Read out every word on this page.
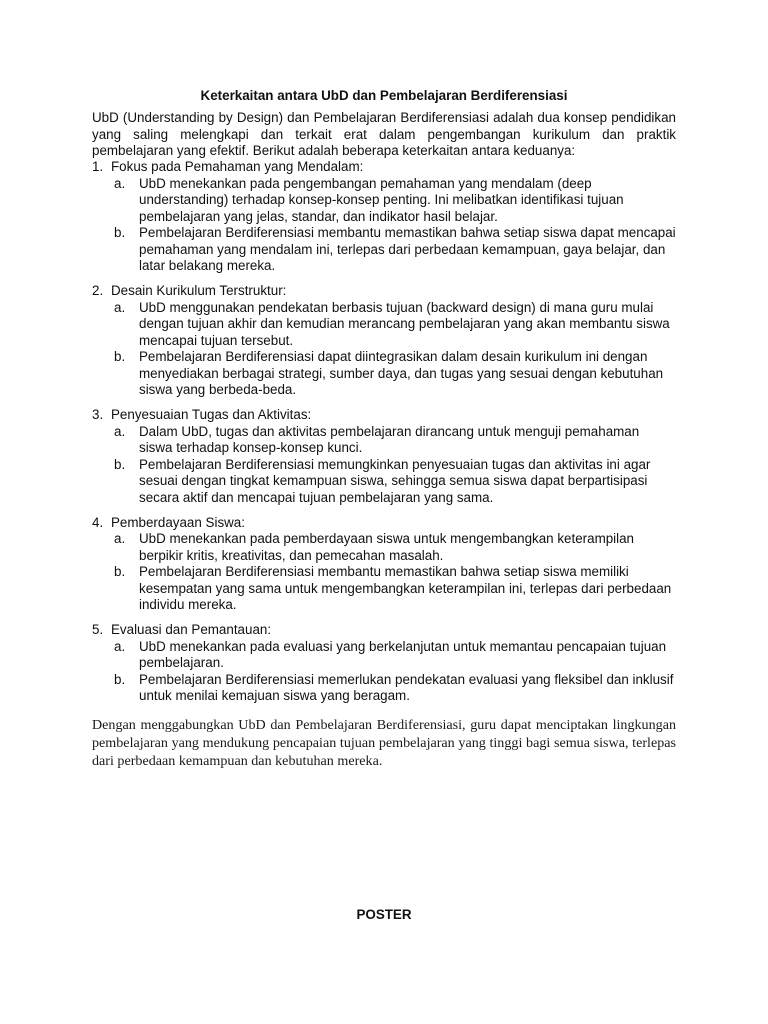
Keterkaitan antara UbD dan Pembelajaran Berdiferensiasi
UbD (Understanding by Design) dan Pembelajaran Berdiferensiasi adalah dua konsep pendidikan yang saling melengkapi dan terkait erat dalam pengembangan kurikulum dan praktik pembelajaran yang efektif. Berikut adalah beberapa keterkaitan antara keduanya:
1. Fokus pada Pemahaman yang Mendalam:
a. UbD menekankan pada pengembangan pemahaman yang mendalam (deep understanding) terhadap konsep-konsep penting. Ini melibatkan identifikasi tujuan pembelajaran yang jelas, standar, dan indikator hasil belajar.
b. Pembelajaran Berdiferensiasi membantu memastikan bahwa setiap siswa dapat mencapai pemahaman yang mendalam ini, terlepas dari perbedaan kemampuan, gaya belajar, dan latar belakang mereka.
2. Desain Kurikulum Terstruktur:
a. UbD menggunakan pendekatan berbasis tujuan (backward design) di mana guru mulai dengan tujuan akhir dan kemudian merancang pembelajaran yang akan membantu siswa mencapai tujuan tersebut.
b. Pembelajaran Berdiferensiasi dapat diintegrasikan dalam desain kurikulum ini dengan menyediakan berbagai strategi, sumber daya, dan tugas yang sesuai dengan kebutuhan siswa yang berbeda-beda.
3. Penyesuaian Tugas dan Aktivitas:
a. Dalam UbD, tugas dan aktivitas pembelajaran dirancang untuk menguji pemahaman siswa terhadap konsep-konsep kunci.
b. Pembelajaran Berdiferensiasi memungkinkan penyesuaian tugas dan aktivitas ini agar sesuai dengan tingkat kemampuan siswa, sehingga semua siswa dapat berpartisipasi secara aktif dan mencapai tujuan pembelajaran yang sama.
4. Pemberdayaan Siswa:
a. UbD menekankan pada pemberdayaan siswa untuk mengembangkan keterampilan berpikir kritis, kreativitas, dan pemecahan masalah.
b. Pembelajaran Berdiferensiasi membantu memastikan bahwa setiap siswa memiliki kesempatan yang sama untuk mengembangkan keterampilan ini, terlepas dari perbedaan individu mereka.
5. Evaluasi dan Pemantauan:
a. UbD menekankan pada evaluasi yang berkelanjutan untuk memantau pencapaian tujuan pembelajaran.
b. Pembelajaran Berdiferensiasi memerlukan pendekatan evaluasi yang fleksibel dan inklusif untuk menilai kemajuan siswa yang beragam.
Dengan menggabungkan UbD dan Pembelajaran Berdiferensiasi, guru dapat menciptakan lingkungan pembelajaran yang mendukung pencapaian tujuan pembelajaran yang tinggi bagi semua siswa, terlepas dari perbedaan kemampuan dan kebutuhan mereka.
POSTER
